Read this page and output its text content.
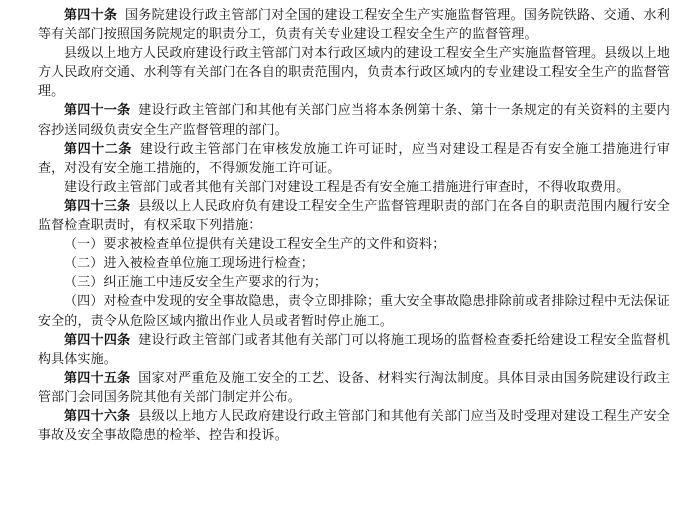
第四十条 国务院建设行政主管部门对全国的建设工程安全生产实施监督管理。国务院铁路、交通、水利等有关部门按照国务院规定的职责分工，负责有关专业建设工程安全生产的监督管理。

县级以上地方人民政府建设行政主管部门对本行政区域内的建设工程安全生产实施监督管理。县级以上地方人民政府交通、水利等有关部门在各自的职责范围内，负责本行政区域内的专业建设工程安全生产的监督管理。

第四十一条 建设行政主管部门和其他有关部门应当将本条例第十条、第十一条规定的有关资料的主要内容抄送同级负责安全生产监督管理的部门。

第四十二条 建设行政主管部门在审核发放施工许可证时，应当对建设工程是否有安全施工措施进行审查，对没有安全施工措施的，不得颁发施工许可证。

建设行政主管部门或者其他有关部门对建设工程是否有安全施工措施进行审查时，不得收取费用。

第四十三条 县级以上人民政府负有建设工程安全生产监督管理职责的部门在各自的职责范围内履行安全监督检查职责时，有权采取下列措施：

（一）要求被检查单位提供有关建设工程安全生产的文件和资料；

（二）进入被检查单位施工现场进行检查；

（三）纠正施工中违反安全生产要求的行为；

（四）对检查中发现的安全事故隐患，责令立即排除；重大安全事故隐患排除前或者排除过程中无法保证安全的，责令从危险区域内撤出作业人员或者暂时停止施工。

第四十四条 建设行政主管部门或者其他有关部门可以将施工现场的监督检查委托给建设工程安全监督机构具体实施。

第四十五条 国家对严重危及施工安全的工艺、设备、材料实行淘汰制度。具体目录由国务院建设行政主管部门会同国务院其他有关部门制定并公布。

第四十六条 县级以上地方人民政府建设行政主管部门和其他有关部门应当及时受理对建设工程生产安全事故及安全事故隐患的检举、控告和投诉。
